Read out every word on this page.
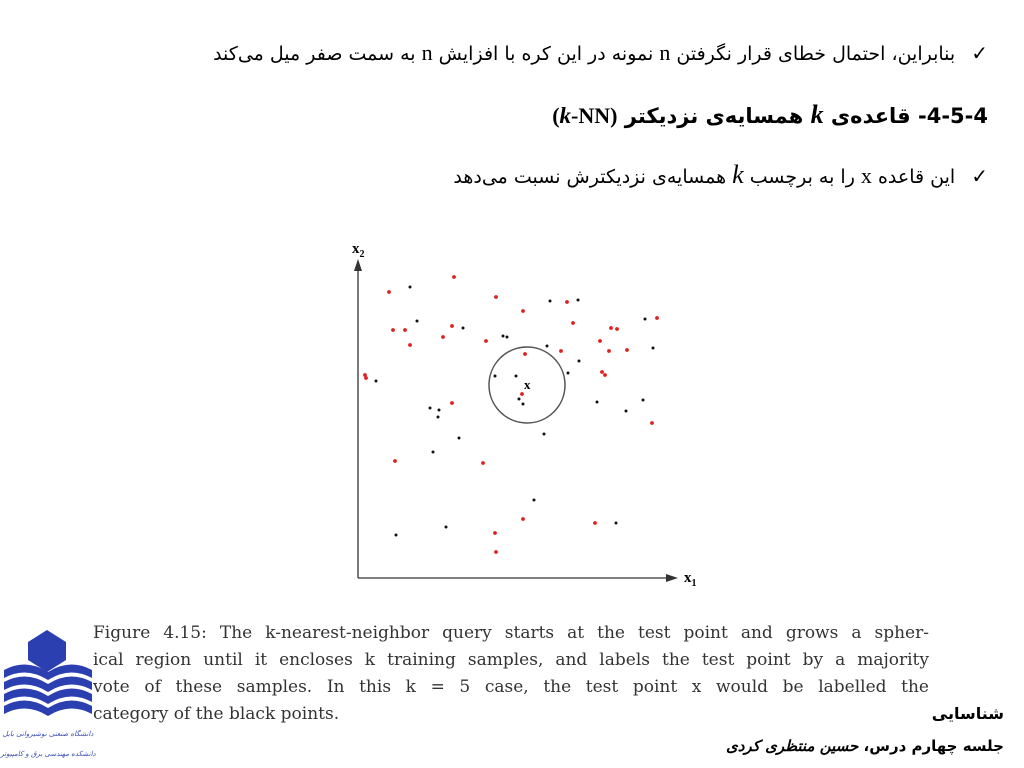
✓ بنابراین، احتمال خطای قرار نگرفتن n نمونه در این کره با افزایش n به سمت صفر میل می‌کند
4-5-4- قاعده‌ی k همسایه‌ی نزدیکتر (k-NN)
✓ این قاعده x را به برچسب k همسایه‌ی نزدیکترش نسبت می‌دهد
$x_2$
$x_1$
x
Figure 4.15: The k-nearest-neighbor query starts at the test point and grows a spher-
ical region until it encloses k training samples, and labels the test point by a majority
vote of these samples. In this k = 5 case, the test point x would be labelled the
category of the black points.
دانشگاه صنعتی نوشیروانی بابل
دانشکده مهندسی برق و کامپیوتر
شناسایی
جلسه چهارم درس، حسین منتظری کردی
